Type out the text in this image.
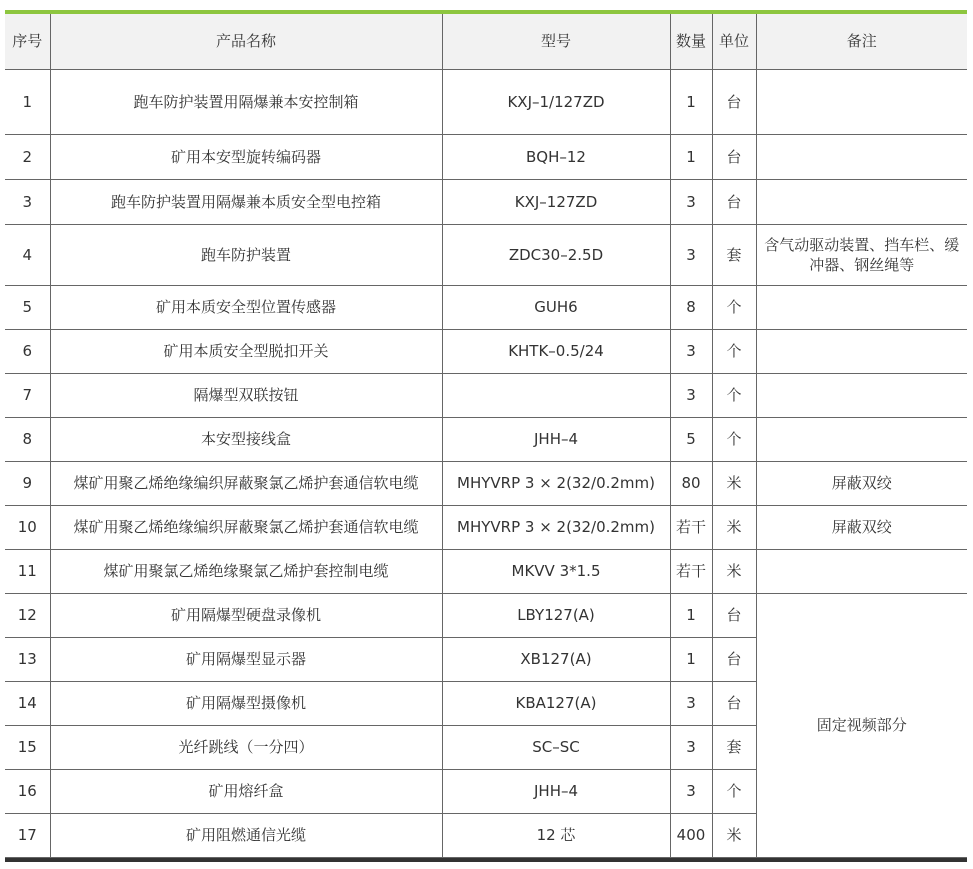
序号	产品名称	型号	数量	单位	备注
1	跑车防护装置用隔爆兼本安控制箱	KXJ–1/127ZD	1	台	
2	矿用本安型旋转编码器	BQH–12	1	台	
3	跑车防护装置用隔爆兼本质安全型电控箱	KXJ–127ZD	3	台	
4	跑车防护装置	ZDC30–2.5D	3	套	含气动驱动装置、挡车栏、缓冲器、钢丝绳等
5	矿用本质安全型位置传感器	GUH6	8	个	
6	矿用本质安全型脱扣开关	KHTK–0.5/24	3	个	
7	隔爆型双联按钮		3	个	
8	本安型接线盒	JHH–4	5	个	
9	煤矿用聚乙烯绝缘编织屏蔽聚氯乙烯护套通信软电缆	MHYVRP 3 × 2(32/0.2mm)	80	米	屏蔽双绞
10	煤矿用聚乙烯绝缘编织屏蔽聚氯乙烯护套通信软电缆	MHYVRP 3 × 2(32/0.2mm)	若干	米	屏蔽双绞
11	煤矿用聚氯乙烯绝缘聚氯乙烯护套控制电缆	MKVV 3*1.5	若干	米	
12	矿用隔爆型硬盘录像机	LBY127(A)	1	台	固定视频部分
13	矿用隔爆型显示器	XB127(A)	1	台	
14	矿用隔爆型摄像机	KBA127(A)	3	台	
15	光纤跳线（一分四）	SC–SC	3	套	
16	矿用熔纤盒	JHH–4	3	个	
17	矿用阻燃通信光缆	12 芯	400	米	
